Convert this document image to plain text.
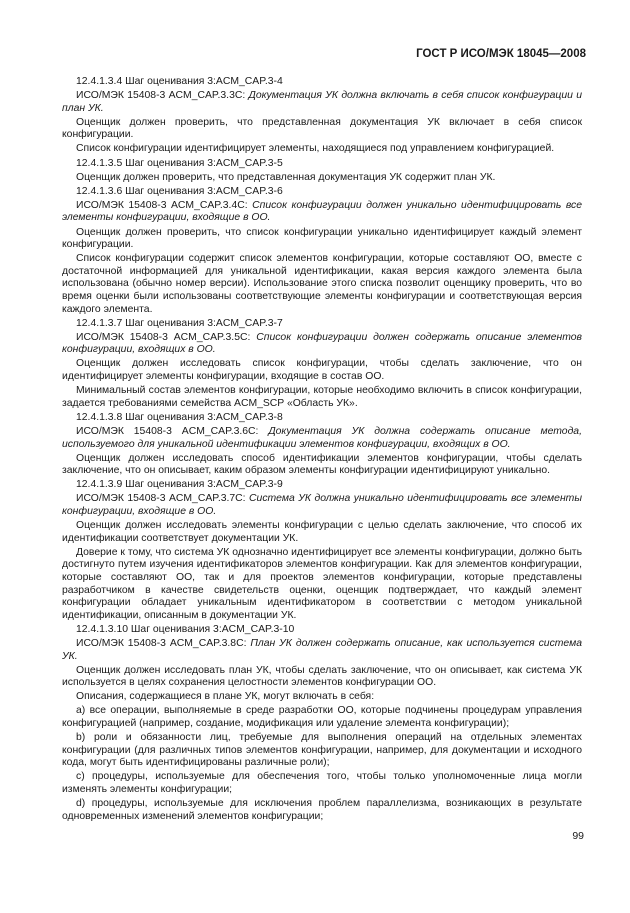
ГОСТ Р ИСО/МЭК 18045—2008

12.4.1.3.4 Шаг оценивания 3:ACM_CAP.3-4

ИСО/МЭК 15408-3 ACM_CAP.3.3C: Документация УК должна включать в себя список конфигурации и план УК.

Оценщик должен проверить, что представленная документация УК включает в себя список конфигурации.

Список конфигурации идентифицирует элементы, находящиеся под управлением конфигурацией.

12.4.1.3.5 Шаг оценивания 3:ACM_CAP.3-5

Оценщик должен проверить, что представленная документация УК содержит план УК.

12.4.1.3.6 Шаг оценивания 3:ACM_CAP.3-6

ИСО/МЭК 15408-3 ACM_CAP.3.4C: Список конфигурации должен уникально идентифицировать все элементы конфигурации, входящие в ОО.

Оценщик должен проверить, что список конфигурации уникально идентифицирует каждый элемент конфигурации.

Список конфигурации содержит список элементов конфигурации, которые составляют ОО, вместе с достаточной информацией для уникальной идентификации, какая версия каждого элемента была использована (обычно номер версии). Использование этого списка позволит оценщику проверить, что во время оценки были использованы соответствующие элементы конфигурации и соответствующая версия каждого элемента.

12.4.1.3.7 Шаг оценивания 3:ACM_CAP.3-7

ИСО/МЭК 15408-3 ACM_CAP.3.5C: Список конфигурации должен содержать описание элементов конфигурации, входящих в ОО.

Оценщик должен исследовать список конфигурации, чтобы сделать заключение, что он идентифицирует элементы конфигурации, входящие в состав ОО.

Минимальный состав элементов конфигурации, которые необходимо включить в список конфигурации, задается требованиями семейства ACM_SCP «Область УК».

12.4.1.3.8 Шаг оценивания 3:ACM_CAP.3-8

ИСО/МЭК 15408-3 ACM_CAP.3.6C: Документация УК должна содержать описание метода, используемого для уникальной идентификации элементов конфигурации, входящих в ОО.

Оценщик должен исследовать способ идентификации элементов конфигурации, чтобы сделать заключение, что он описывает, каким образом элементы конфигурации идентифицируют уникально.

12.4.1.3.9 Шаг оценивания 3:ACM_CAP.3-9

ИСО/МЭК 15408-3 ACM_CAP.3.7C: Система УК должна уникально идентифицировать все элементы конфигурации, входящие в ОО.

Оценщик должен исследовать элементы конфигурации с целью сделать заключение, что способ их идентификации соответствует документации УК.

Доверие к тому, что система УК однозначно идентифицирует все элементы конфигурации, должно быть достигнуто путем изучения идентификаторов элементов конфигурации. Как для элементов конфигурации, которые составляют ОО, так и для проектов элементов конфигурации, которые представлены разработчиком в качестве свидетельств оценки, оценщик подтверждает, что каждый элемент конфигурации обладает уникальным идентификатором в соответствии с методом уникальной идентификации, описанным в документации УК.

12.4.1.3.10 Шаг оценивания 3:ACM_CAP.3-10

ИСО/МЭК 15408-3 ACM_CAP.3.8C: План УК должен содержать описание, как используется система УК.

Оценщик должен исследовать план УК, чтобы сделать заключение, что он описывает, как система УК используется в целях сохранения целостности элементов конфигурации ОО.

Описания, содержащиеся в плане УК, могут включать в себя:

a) все операции, выполняемые в среде разработки ОО, которые подчинены процедурам управления конфигурацией (например, создание, модификация или удаление элемента конфигурации);

b) роли и обязанности лиц, требуемые для выполнения операций на отдельных элементах конфигурации (для различных типов элементов конфигурации, например, для документации и исходного кода, могут быть идентифицированы различные роли);

c) процедуры, используемые для обеспечения того, чтобы только уполномоченные лица могли изменять элементы конфигурации;

d) процедуры, используемые для исключения проблем параллелизма, возникающих в результате одновременных изменений элементов конфигурации;

99
